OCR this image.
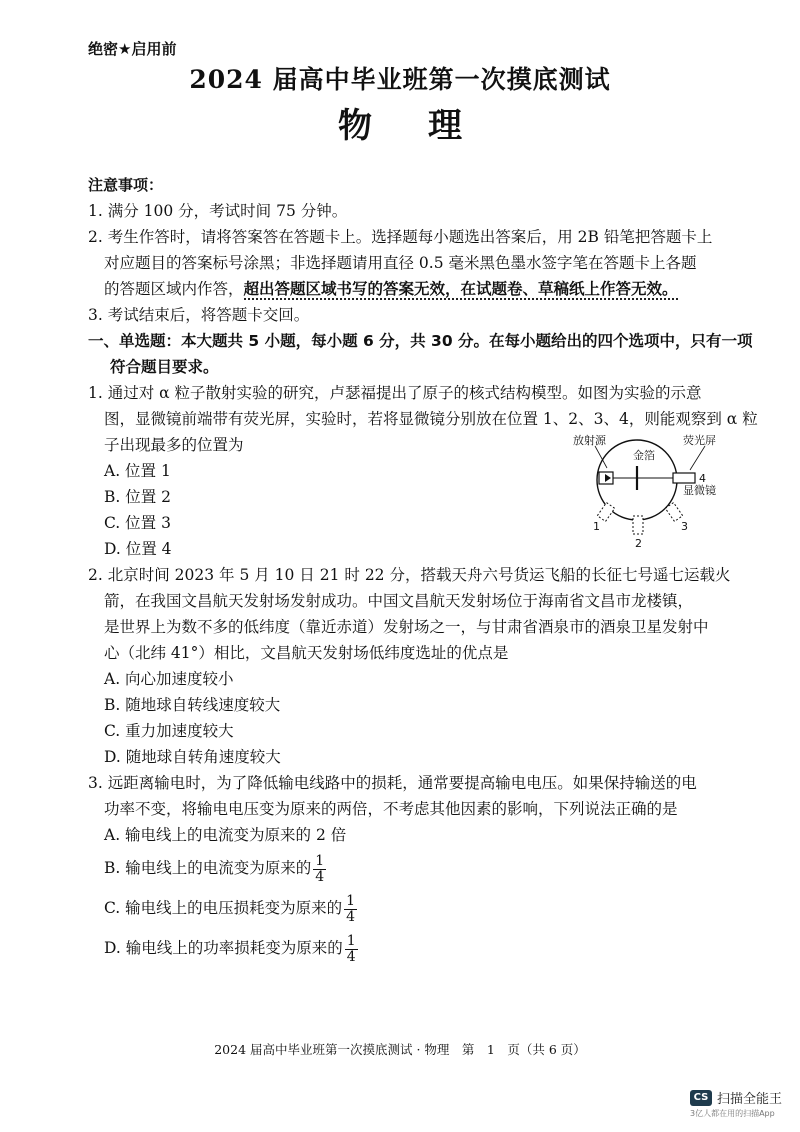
绝密★启用前
2024 届高中毕业班第一次摸底测试
物理
注意事项：
1. 满分 100 分，考试时间 75 分钟。
2. 考生作答时，请将答案答在答题卡上。选择题每小题选出答案后，用 2B 铅笔把答题卡上
对应题目的答案标号涂黑；非选择题请用直径 0.5 毫米黑色墨水签字笔在答题卡上各题
的答题区域内作答，超出答题区域书写的答案无效，在试题卷、草稿纸上作答无效。
3. 考试结束后，将答题卡交回。
一、单选题：本大题共 5 小题，每小题 6 分，共 30 分。在每小题给出的四个选项中，只有一项
符合题目要求。
1. 通过对 α 粒子散射实验的研究，卢瑟福提出了原子的核式结构模型。如图为实验的示意
图，显微镜前端带有荧光屏，实验时，若将显微镜分别放在位置 1、2、3、4，则能观察到 α 粒
子出现最多的位置为
A. 位置 1
B. 位置 2
C. 位置 3
D. 位置 4
2. 北京时间 2023 年 5 月 10 日 21 时 22 分，搭载天舟六号货运飞船的长征七号遥七运载火
箭，在我国文昌航天发射场发射成功。中国文昌航天发射场位于海南省文昌市龙楼镇，
是世界上为数不多的低纬度（靠近赤道）发射场之一，与甘肃省酒泉市的酒泉卫星发射中
心（北纬 41°）相比，文昌航天发射场低纬度选址的优点是
A. 向心加速度较小
B. 随地球自转线速度较大
C. 重力加速度较大
D. 随地球自转角速度较大
3. 远距离输电时，为了降低输电线路中的损耗，通常要提高输电电压。如果保持输送的电
功率不变，将输电电压变为原来的两倍，不考虑其他因素的影响，下列说法正确的是
A. 输电线上的电流变为原来的 2 倍
B. 输电线上的电流变为原来的 $\frac{1}{4}$
C. 输电线上的电压损耗变为原来的 $\frac{1}{4}$
D. 输电线上的功率损耗变为原来的 $\frac{1}{4}$
放射源
金箔
荧光屏
显微镜
4
1
2
3
2024 届高中毕业班第一次摸底测试 · 物理　第　1　页（共 6 页）
CS 扫描全能王
3亿人都在用的扫描App
